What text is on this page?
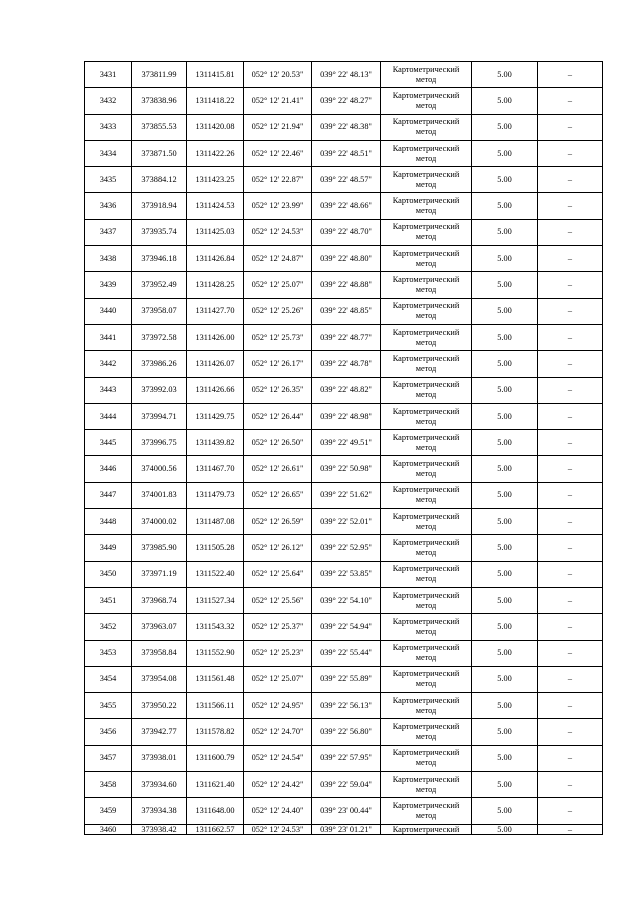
3431	373811.99	1311415.81	052° 12' 20.53"	039° 22' 48.13"	Картометрический
метод	5.00	–
3432	373838.96	1311418.22	052° 12' 21.41"	039° 22' 48.27"	Картометрический
метод	5.00	–
3433	373855.53	1311420.08	052° 12' 21.94"	039° 22' 48.38"	Картометрический
метод	5.00	–
3434	373871.50	1311422.26	052° 12' 22.46"	039° 22' 48.51"	Картометрический
метод	5.00	–
3435	373884.12	1311423.25	052° 12' 22.87"	039° 22' 48.57"	Картометрический
метод	5.00	–
3436	373918.94	1311424.53	052° 12' 23.99"	039° 22' 48.66"	Картометрический
метод	5.00	–
3437	373935.74	1311425.03	052° 12' 24.53"	039° 22' 48.70"	Картометрический
метод	5.00	–
3438	373946.18	1311426.84	052° 12' 24.87"	039° 22' 48.80"	Картометрический
метод	5.00	–
3439	373952.49	1311428.25	052° 12' 25.07"	039° 22' 48.88"	Картометрический
метод	5.00	–
3440	373958.07	1311427.70	052° 12' 25.26"	039° 22' 48.85"	Картометрический
метод	5.00	–
3441	373972.58	1311426.00	052° 12' 25.73"	039° 22' 48.77"	Картометрический
метод	5.00	–
3442	373986.26	1311426.07	052° 12' 26.17"	039° 22' 48.78"	Картометрический
метод	5.00	–
3443	373992.03	1311426.66	052° 12' 26.35"	039° 22' 48.82"	Картометрический
метод	5.00	–
3444	373994.71	1311429.75	052° 12' 26.44"	039° 22' 48.98"	Картометрический
метод	5.00	–
3445	373996.75	1311439.82	052° 12' 26.50"	039° 22' 49.51"	Картометрический
метод	5.00	–
3446	374000.56	1311467.70	052° 12' 26.61"	039° 22' 50.98"	Картометрический
метод	5.00	–
3447	374001.83	1311479.73	052° 12' 26.65"	039° 22' 51.62"	Картометрический
метод	5.00	–
3448	374000.02	1311487.08	052° 12' 26.59"	039° 22' 52.01"	Картометрический
метод	5.00	–
3449	373985.90	1311505.28	052° 12' 26.12"	039° 22' 52.95"	Картометрический
метод	5.00	–
3450	373971.19	1311522.40	052° 12' 25.64"	039° 22' 53.85"	Картометрический
метод	5.00	–
3451	373968.74	1311527.34	052° 12' 25.56"	039° 22' 54.10"	Картометрический
метод	5.00	–
3452	373963.07	1311543.32	052° 12' 25.37"	039° 22' 54.94"	Картометрический
метод	5.00	–
3453	373958.84	1311552.90	052° 12' 25.23"	039° 22' 55.44"	Картометрический
метод	5.00	–
3454	373954.08	1311561.48	052° 12' 25.07"	039° 22' 55.89"	Картометрический
метод	5.00	–
3455	373950.22	1311566.11	052° 12' 24.95"	039° 22' 56.13"	Картометрический
метод	5.00	–
3456	373942.77	1311578.82	052° 12' 24.70"	039° 22' 56.80"	Картометрический
метод	5.00	–
3457	373938.01	1311600.79	052° 12' 24.54"	039° 22' 57.95"	Картометрический
метод	5.00	–
3458	373934.60	1311621.40	052° 12' 24.42"	039° 22' 59.04"	Картометрический
метод	5.00	–
3459	373934.38	1311648.00	052° 12' 24.40"	039° 23' 00.44"	Картометрический
метод	5.00	–
3460	373938.42	1311662.57	052° 12' 24.53"	039° 23' 01.21"	Картометрический	5.00	–
